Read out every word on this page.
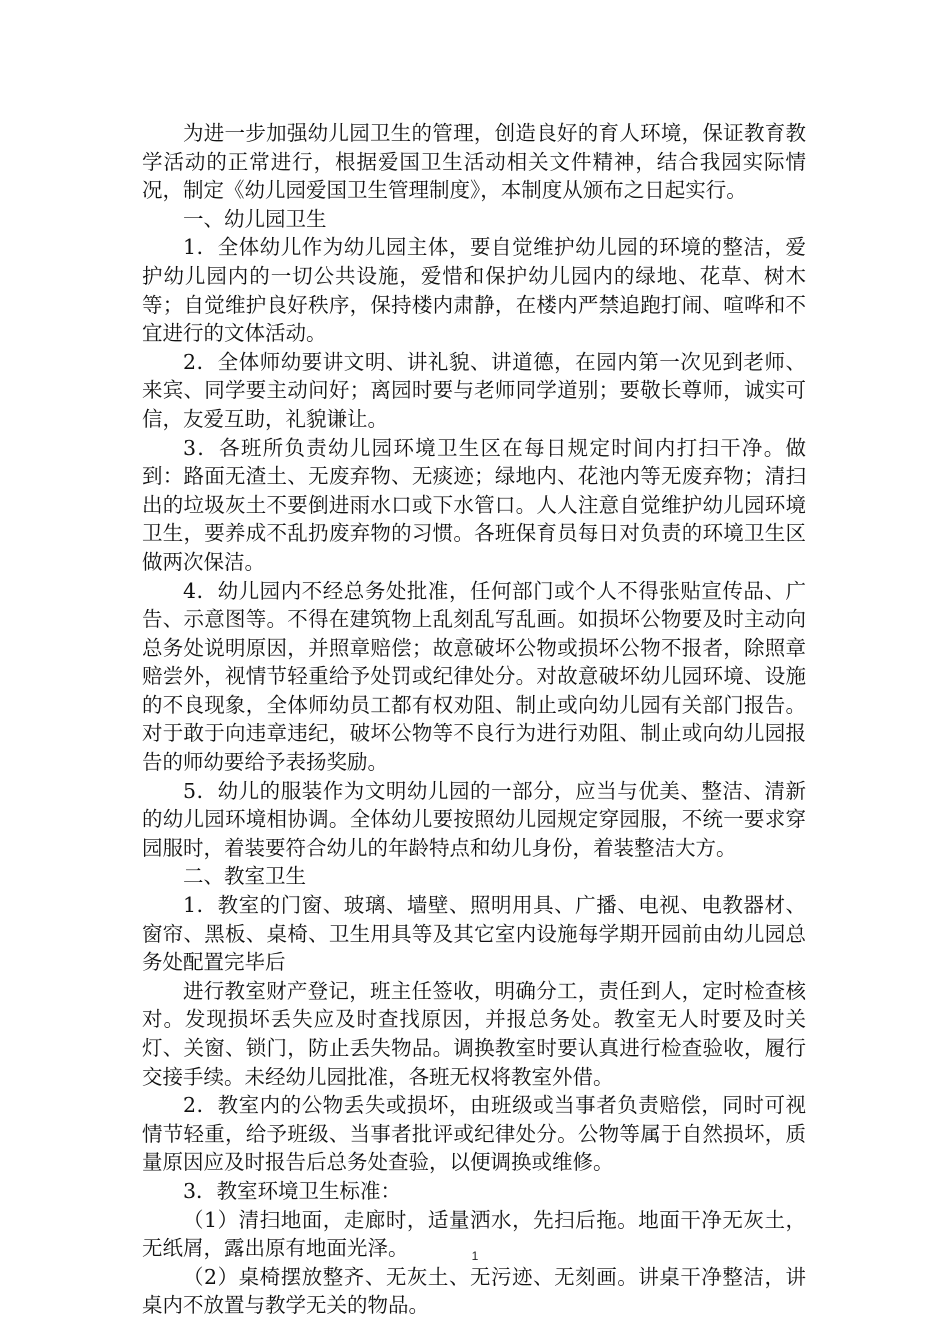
为进一步加强幼儿园卫生的管理，创造良好的育人环境，保证教育教学活动的正常进行，根据爱国卫生活动相关文件精神，结合我园实际情况，制定《幼儿园爱国卫生管理制度》，本制度从颁布之日起实行。

一、幼儿园卫生

1．全体幼儿作为幼儿园主体，要自觉维护幼儿园的环境的整洁，爱护幼儿园内的一切公共设施，爱惜和保护幼儿园内的绿地、花草、树木等；自觉维护良好秩序，保持楼内肃静，在楼内严禁追跑打闹、喧哗和不宜进行的文体活动。

2．全体师幼要讲文明、讲礼貌、讲道德，在园内第一次见到老师、来宾、同学要主动问好；离园时要与老师同学道别；要敬长尊师，诚实可信，友爱互助，礼貌谦让。

3．各班所负责幼儿园环境卫生区在每日规定时间内打扫干净。做到：路面无渣土、无废弃物、无痰迹；绿地内、花池内等无废弃物；清扫出的垃圾灰土不要倒进雨水口或下水管口。人人注意自觉维护幼儿园环境卫生，要养成不乱扔废弃物的习惯。各班保育员每日对负责的环境卫生区做两次保洁。

4．幼儿园内不经总务处批准，任何部门或个人不得张贴宣传品、广告、示意图等。不得在建筑物上乱刻乱写乱画。如损坏公物要及时主动向总务处说明原因，并照章赔偿；故意破坏公物或损坏公物不报者，除照章赔尝外，视情节轻重给予处罚或纪律处分。对故意破坏幼儿园环境、设施的不良现象，全体师幼员工都有权劝阻、制止或向幼儿园有关部门报告。对于敢于向违章违纪，破坏公物等不良行为进行劝阻、制止或向幼儿园报告的师幼要给予表扬奖励。

5．幼儿的服装作为文明幼儿园的一部分，应当与优美、整洁、清新的幼儿园环境相协调。全体幼儿要按照幼儿园规定穿园服，不统一要求穿园服时，着装要符合幼儿的年龄特点和幼儿身份，着装整洁大方。

二、教室卫生

1．教室的门窗、玻璃、墙壁、照明用具、广播、电视、电教器材、窗帘、黑板、桌椅、卫生用具等及其它室内设施每学期开园前由幼儿园总务处配置完毕后

进行教室财产登记，班主任签收，明确分工，责任到人，定时检查核对。发现损坏丢失应及时查找原因，并报总务处。教室无人时要及时关灯、关窗、锁门，防止丢失物品。调换教室时要认真进行检查验收，履行交接手续。未经幼儿园批准，各班无权将教室外借。

2．教室内的公物丢失或损坏，由班级或当事者负责赔偿，同时可视情节轻重，给予班级、当事者批评或纪律处分。公物等属于自然损坏，质量原因应及时报告后总务处查验，以便调换或维修。

3．教室环境卫生标准：

（1）清扫地面，走廊时，适量洒水，先扫后拖。地面干净无灰土，无纸屑，露出原有地面光泽。

（2）桌椅摆放整齐、无灰土、无污迹、无刻画。讲桌干净整洁，讲桌内不放置与教学无关的物品。

1
